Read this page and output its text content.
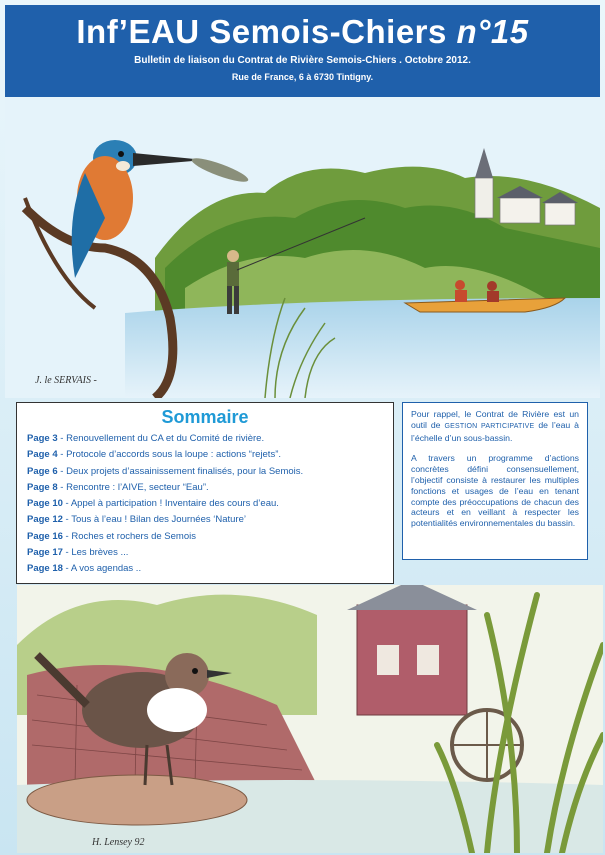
Inf’EAU Semois-Chiers n°15
Bulletin de liaison du Contrat de Rivière Semois-Chiers . Octobre 2012.
Rue de France, 6 à 6730 Tintigny.
J. le SERVAIS -
Sommaire
Page 3 - Renouvellement du CA et du Comité de rivière.
Page 4 - Protocole d’accords sous la loupe : actions “rejets”.
Page 6 - Deux projets d’assainissement finalisés, pour la Semois.
Page 8 - Rencontre : l’AIVE, secteur “Eau”.
Page 10 - Appel à participation ! Inventaire des cours d’eau.
Page 12 - Tous à l’eau ! Bilan des Journées ‘Nature’
Page 16 - Roches et rochers de Semois
Page 17 - Les brèves ...
Page 18 - A vos agendas ..

Pour rappel, le Contrat de Rivière est un outil de GESTION PARTICIPATIVE de l’eau à l’échelle d’un sous-bassin.

A travers un programme d’actions concrètes défini consensuellement, l’objectif consiste à restaurer les multiples fonctions et usages de l’eau en tenant compte des préoccupations de chacun des acteurs et en veillant à respecter les potentialités environnementales du bassin.

H. Lensey 92
